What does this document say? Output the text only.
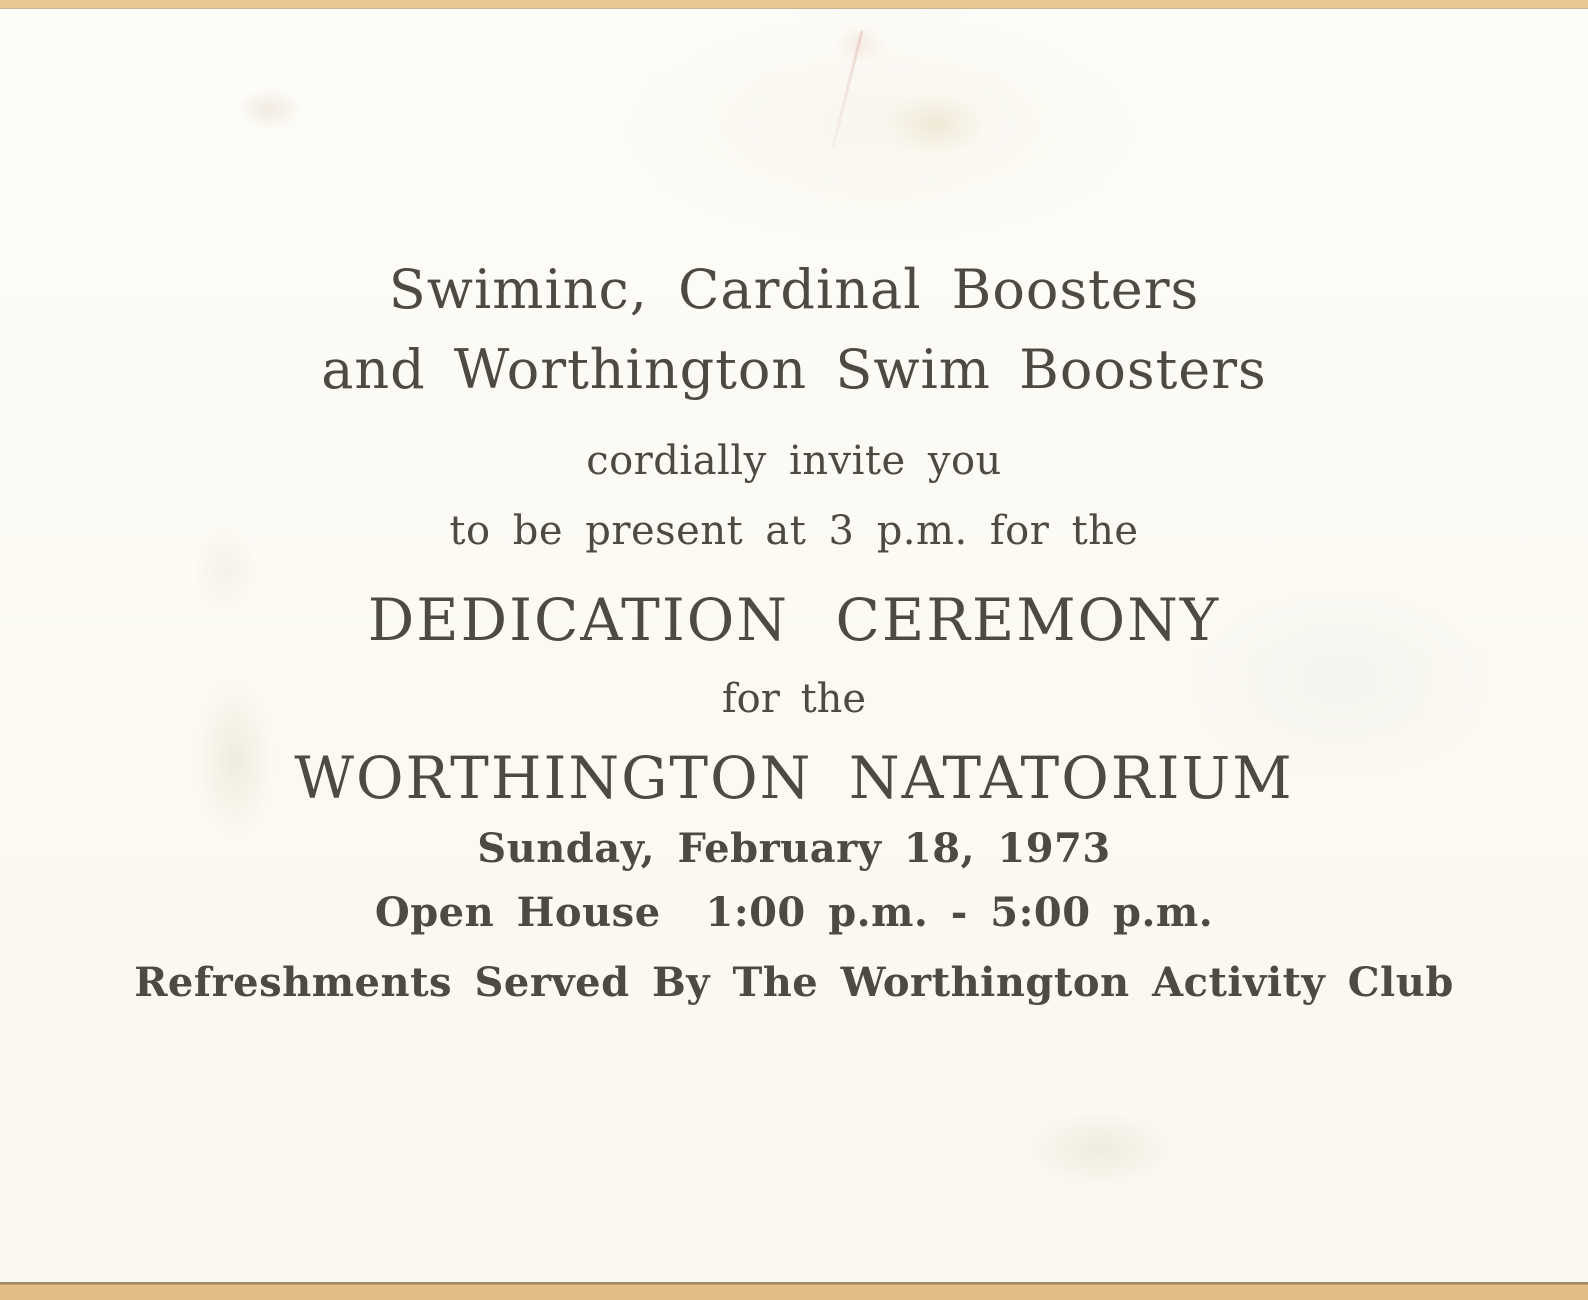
Swiminc, Cardinal Boosters
and Worthington Swim Boosters
cordially invite you
to be present at 3 p.m. for the
DEDICATION CEREMONY
for the
WORTHINGTON NATATORIUM
Sunday, February 18, 1973
Open House  1:00 p.m. - 5:00 p.m.
Refreshments Served By The Worthington Activity Club
